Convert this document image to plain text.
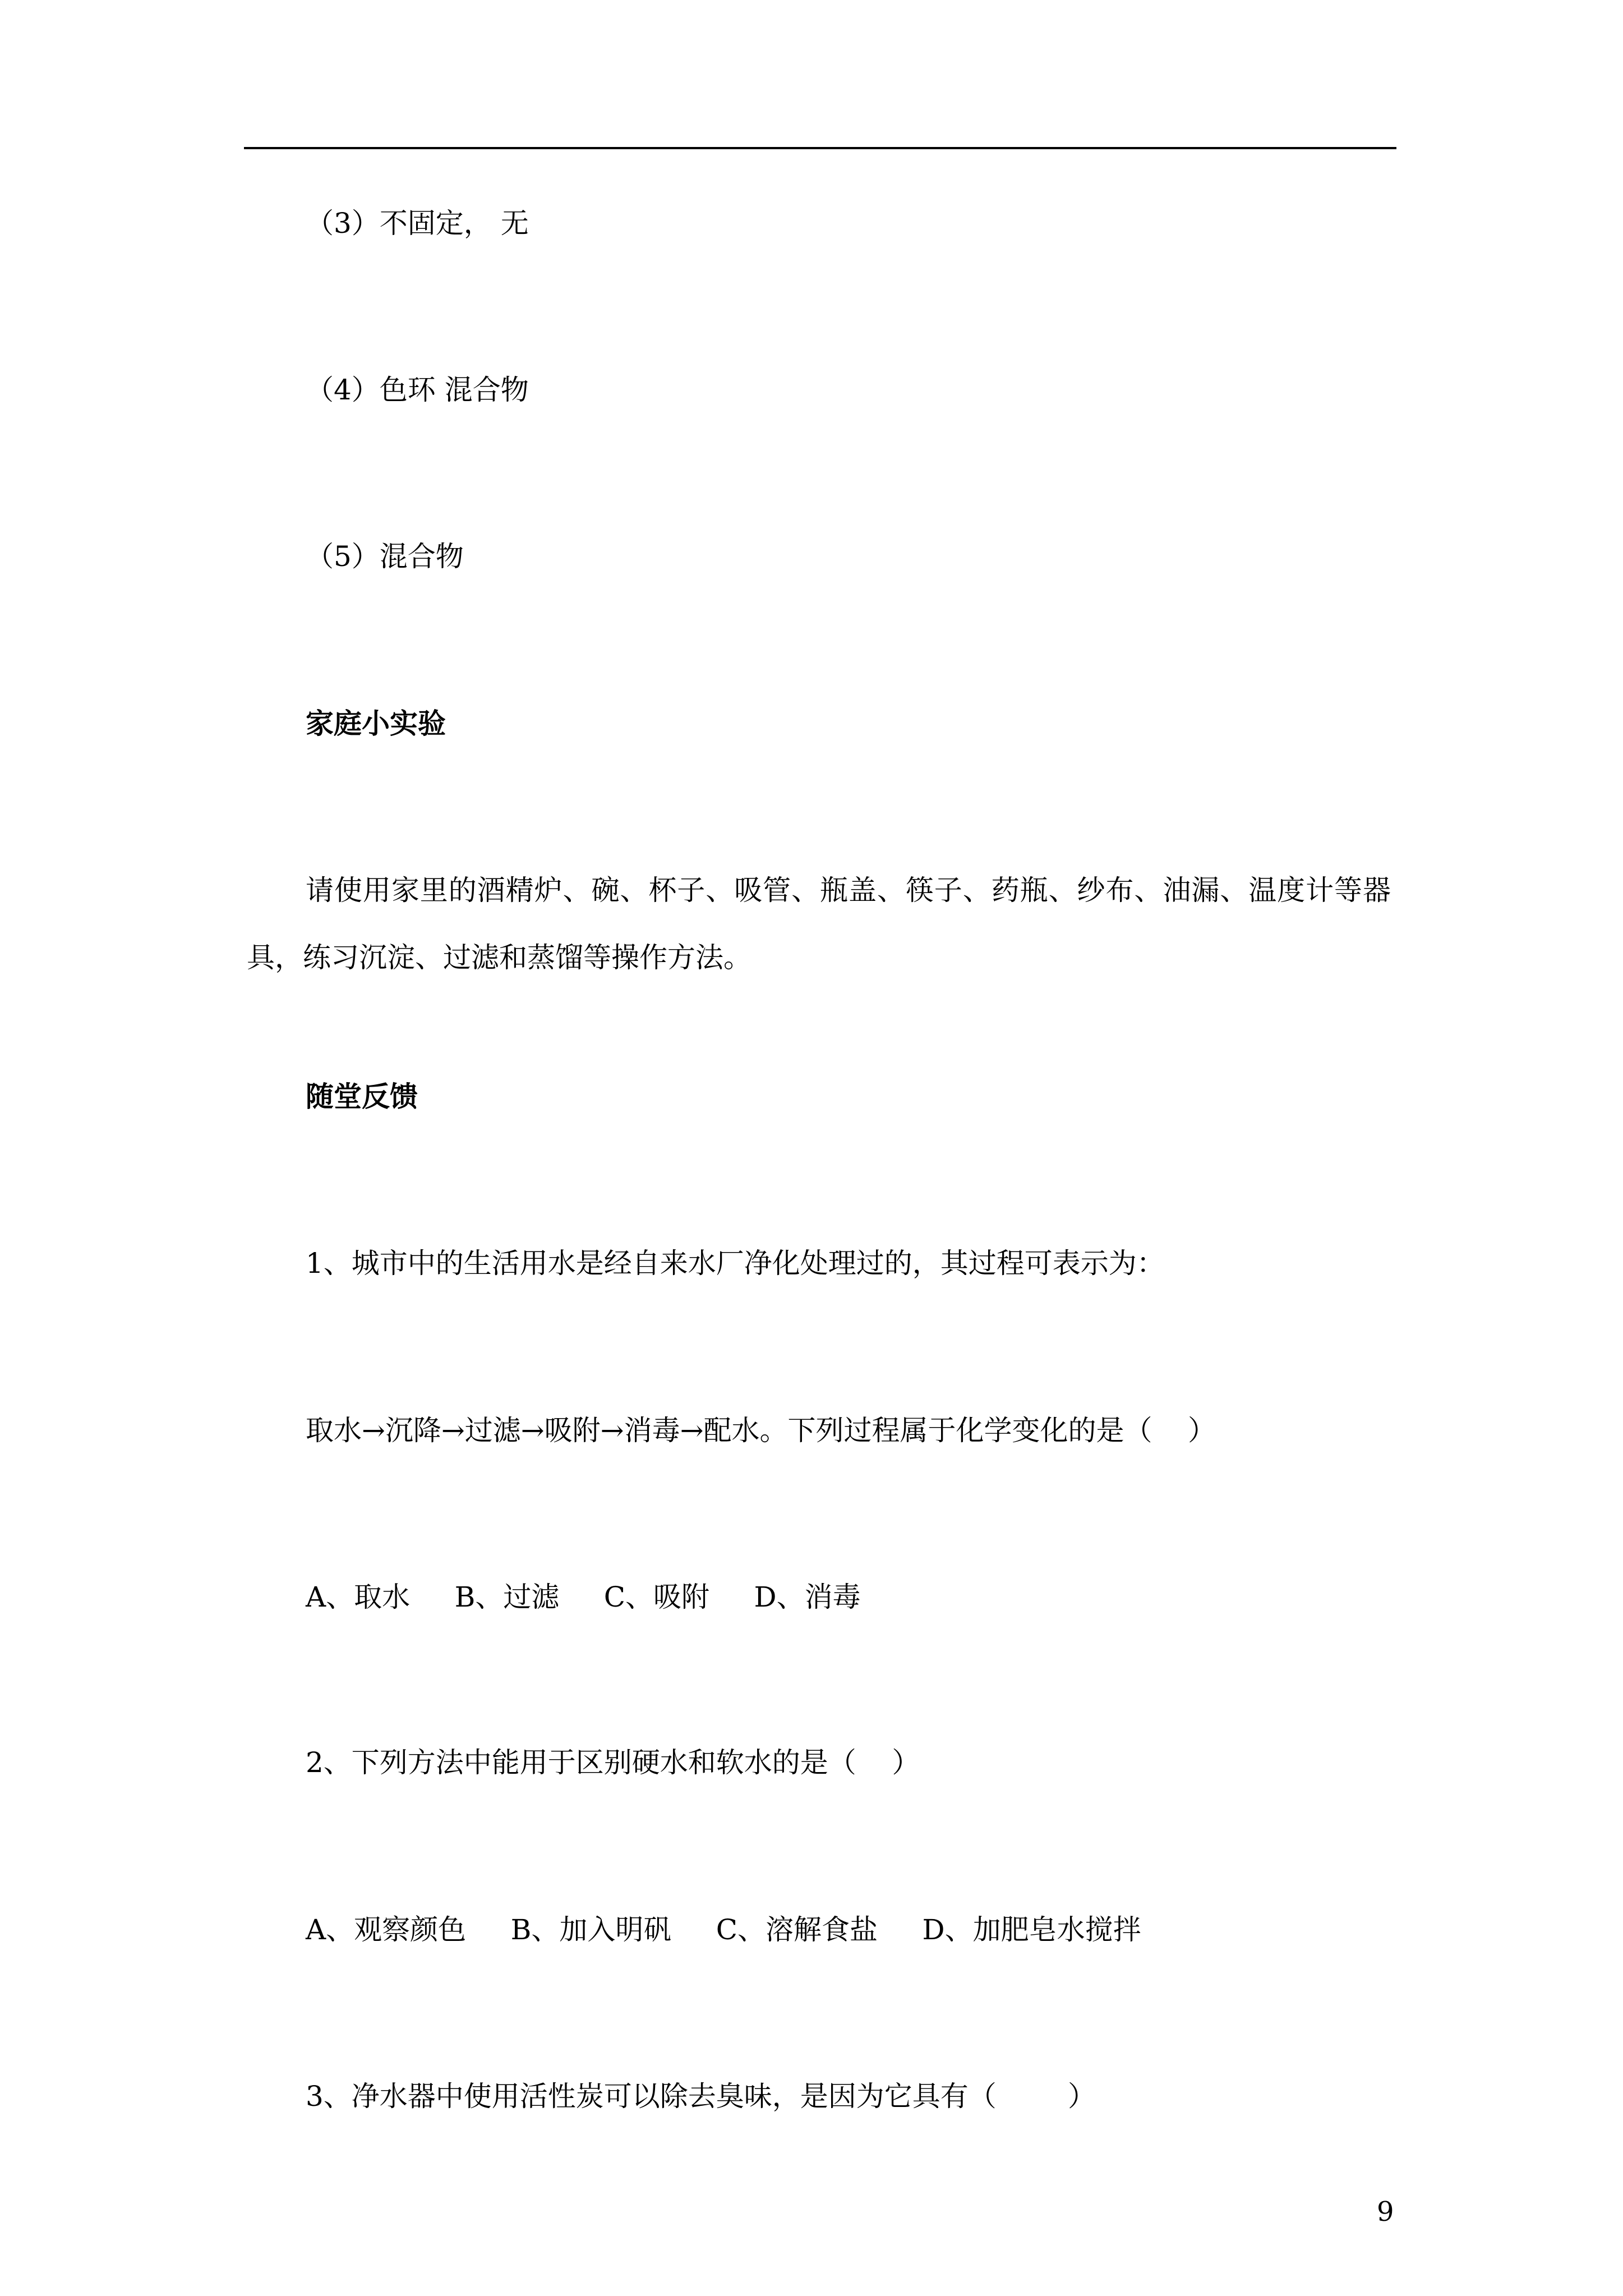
（3）不固定， 无
（4）色环 混合物
（5）混合物
家庭小实验
请使用家里的酒精炉、碗、杯子、吸管、瓶盖、筷子、药瓶、纱布、油漏、温度计等器具，练习沉淀、过滤和蒸馏等操作方法。
随堂反馈
1、城市中的生活用水是经自来水厂净化处理过的，其过程可表示为：
取水→沉降→过滤→吸附→消毒→配水。下列过程属于化学变化的是（    ）
A、取水     B、过滤     C、吸附     D、消毒
2、下列方法中能用于区别硬水和软水的是（    ）
A、观察颜色     B、加入明矾     C、溶解食盐     D、加肥皂水搅拌
3、净水器中使用活性炭可以除去臭味，是因为它具有（        ）
9
